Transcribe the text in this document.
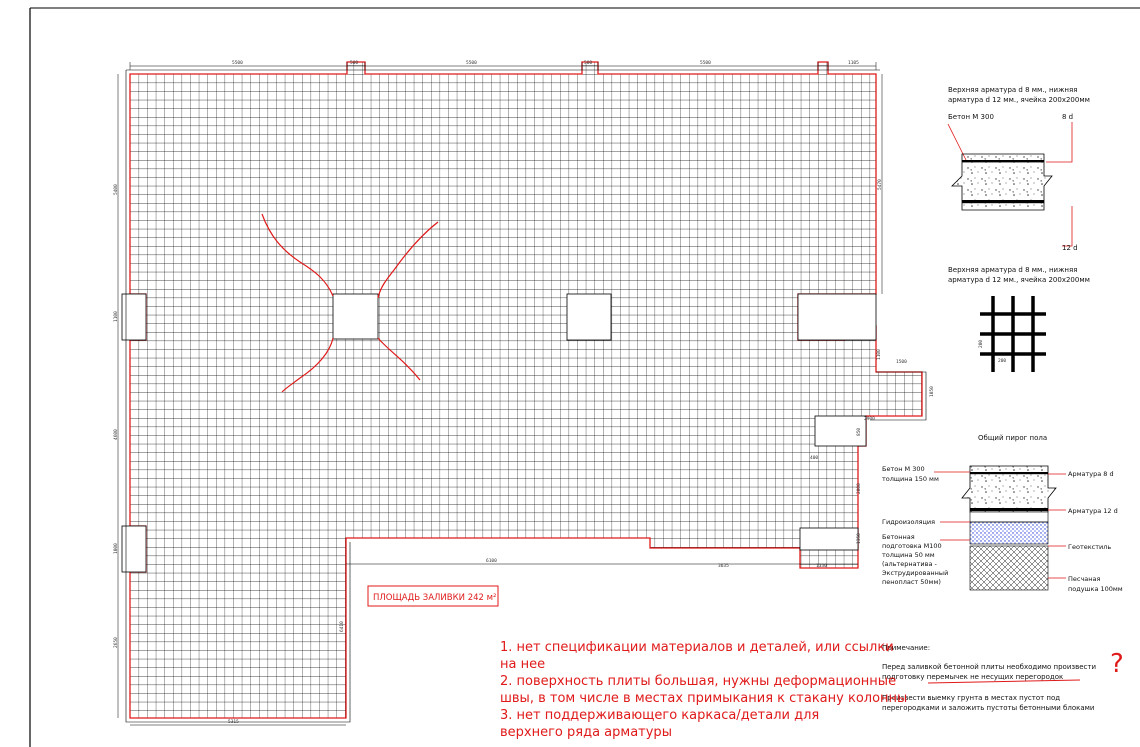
5500	500	5500	500	5500	1105
5400
1100
4600
1000
2650
5470
1100
1500
1050
2900
850
2000
1350
400
5315
6100
3635	1330
6410
ПЛОЩАДЬ ЗАЛИВКИ 242 м²
Верхняя арматура d 8 мм., нижняя
арматура d 12 мм., ячейка 200х200мм
Бетон М 300	8 d
12 d
Верхняя арматура d 8 мм., нижняя
арматура d 12 мм., ячейка 200х200мм
200
200
Общий пирог пола
Бетон М 300
толщина 150 мм
Арматура 8 d
Арматура 12 d
Гидроизоляция
Бетонная
подготовка М100
толщина 50 мм
(альтернатива -
Экструдированный
пенопласт 50мм)
Геотекстиль
Песчаная
подушка 100мм
Примечание:
Перед заливкой бетонной плиты необходимо произвести
подготовку перемычек не несущих перегородок
Произвести выемку грунта в местах пустот под
перегородками и заложить пустоты бетонными блоками
?
1. нет спецификации материалов и деталей, или ссылки
на нее
2. поверхность плиты большая, нужны деформационные
швы, в том числе в местах примыкания к стакану колонны
3. нет поддерживающего каркаса/детали для
верхнего ряда арматуры
